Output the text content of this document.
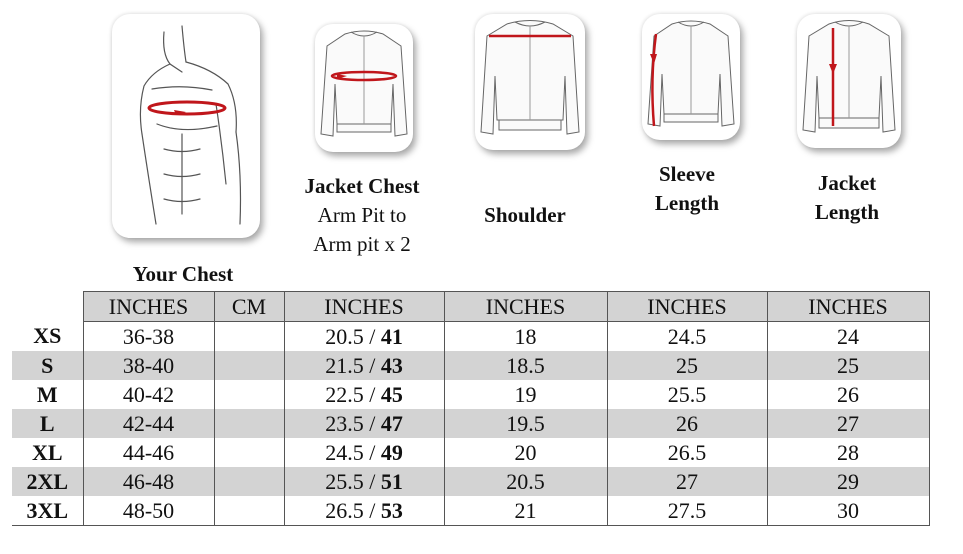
Your Chest
Jacket Chest
Arm Pit to
Arm pit x 2
Shoulder
Sleeve
Length
Jacket
Length
	INCHES	CM	INCHES	INCHES	INCHES	INCHES
XS	36-38		20.5 / 41	18	24.5	24
S	38-40		21.5 / 43	18.5	25	25
M	40-42		22.5 / 45	19	25.5	26
L	42-44		23.5 / 47	19.5	26	27
XL	44-46		24.5 / 49	20	26.5	28
2XL	46-48		25.5 / 51	20.5	27	29
3XL	48-50		26.5 / 53	21	27.5	30
